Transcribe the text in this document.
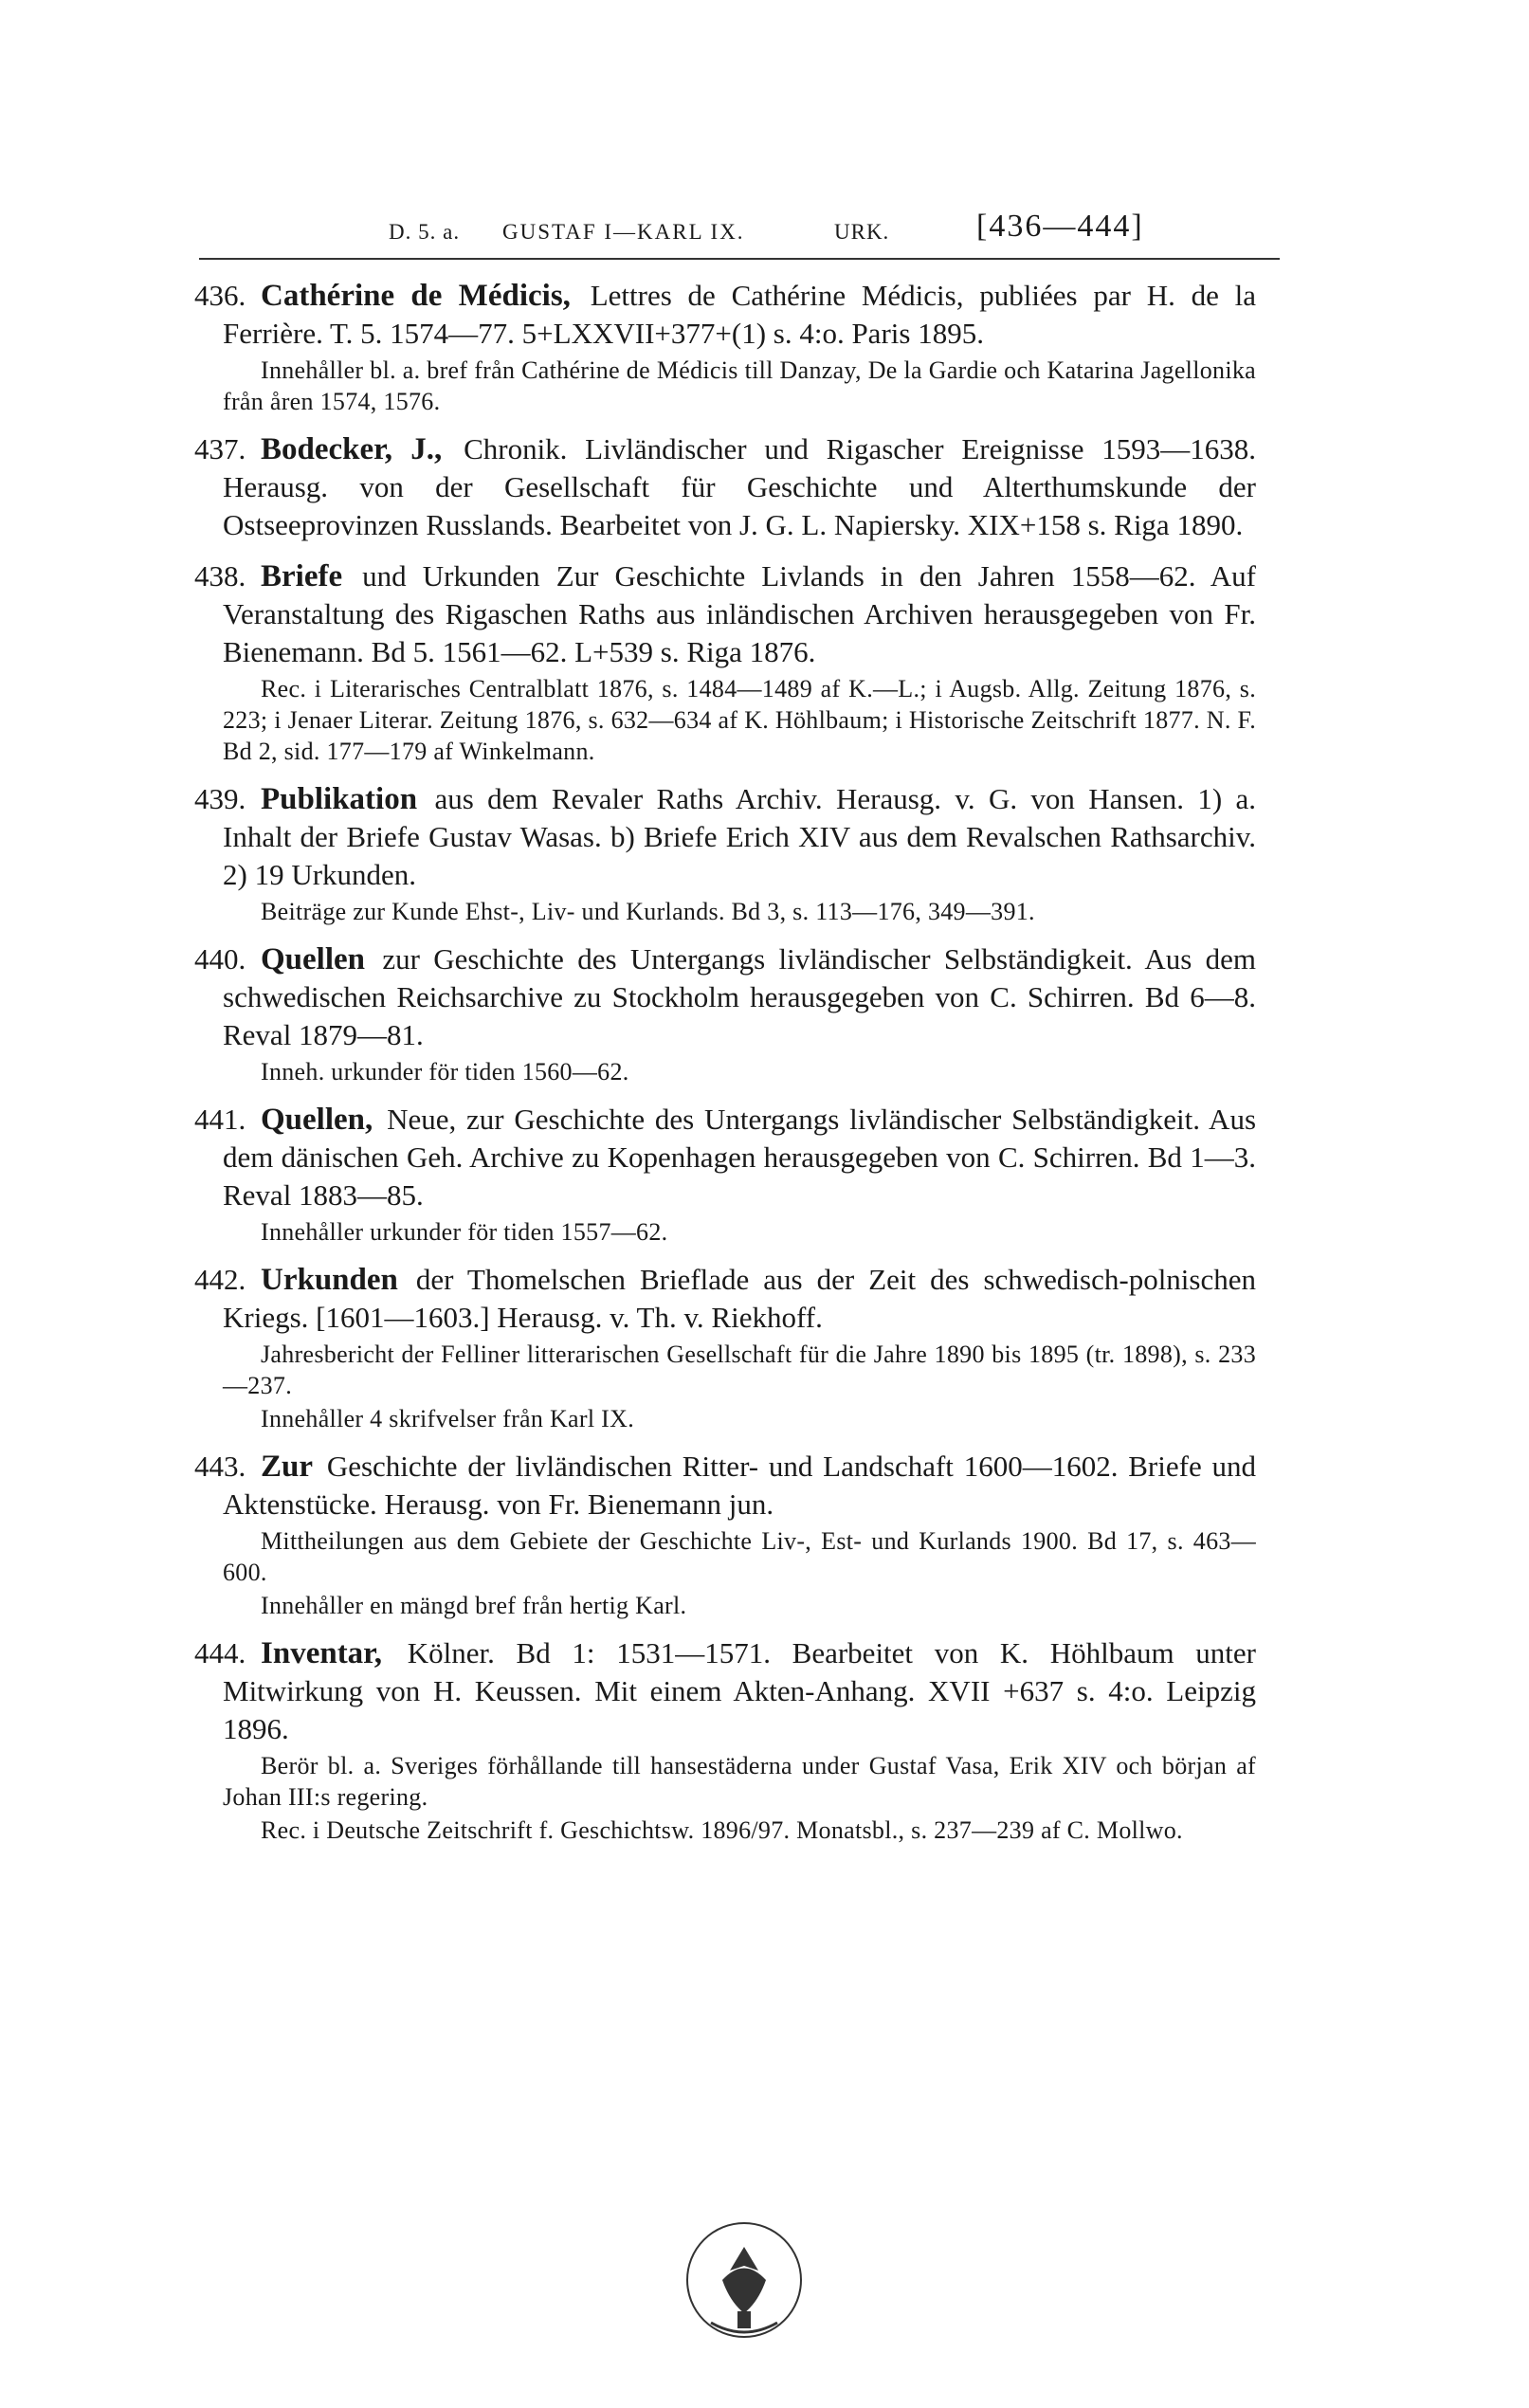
D. 5. a.	GUSTAF I—KARL IX.	URK.	[436—444]

436. Cathérine de Médicis, Lettres de Cathérine Médicis, publiées par H. de la Ferrière. T. 5. 1574—77. 5+LXXVII+377+(1) s. 4:o. Paris 1895.

Innehåller bl. a. bref från Cathérine de Médicis till Danzay, De la Gardie och Katarina Jagellonika från åren 1574, 1576.

437. Bodecker, J., Chronik. Livländischer und Rigascher Ereignisse 1593—1638. Herausg. von der Gesellschaft für Geschichte und Alterthumskunde der Ostseeprovinzen Russlands. Bearbeitet von J. G. L. Napiersky. XIX+158 s. Riga 1890.

438. Briefe und Urkunden Zur Geschichte Livlands in den Jahren 1558—62. Auf Veranstaltung des Rigaschen Raths aus inländischen Archiven herausgegeben von Fr. Bienemann. Bd 5. 1561—62. L+539 s. Riga 1876.

Rec. i Literarisches Centralblatt 1876, s. 1484—1489 af K.—L.; i Augsb. Allg. Zeitung 1876, s. 223; i Jenaer Literar. Zeitung 1876, s. 632—634 af K. Höhlbaum; i Historische Zeitschrift 1877. N. F. Bd 2, sid. 177—179 af Winkelmann.

439. Publikation aus dem Revaler Raths Archiv. Herausg. v. G. von Hansen. 1) a. Inhalt der Briefe Gustav Wasas. b) Briefe Erich XIV aus dem Revalschen Rathsarchiv. 2) 19 Urkunden.

Beiträge zur Kunde Ehst-, Liv- und Kurlands. Bd 3, s. 113—176, 349—391.

440. Quellen zur Geschichte des Untergangs livländischer Selbständigkeit. Aus dem schwedischen Reichsarchive zu Stockholm herausgegeben von C. Schirren. Bd 6—8. Reval 1879—81.

Inneh. urkunder för tiden 1560—62.

441. Quellen, Neue, zur Geschichte des Untergangs livländischer Selbständigkeit. Aus dem dänischen Geh. Archive zu Kopenhagen herausgegeben von C. Schirren. Bd 1—3. Reval 1883—85.

Innehåller urkunder för tiden 1557—62.

442. Urkunden der Thomelschen Brieflade aus der Zeit des schwedisch-polnischen Kriegs. [1601—1603.] Herausg. v. Th. v. Riekhoff.

Jahresbericht der Felliner litterarischen Gesellschaft für die Jahre 1890 bis 1895 (tr. 1898), s. 233—237.

Innehåller 4 skrifvelser från Karl IX.

443. Zur Geschichte der livländischen Ritter- und Landschaft 1600—1602. Briefe und Aktenstücke. Herausg. von Fr. Bienemann jun.

Mittheilungen aus dem Gebiete der Geschichte Liv-, Est- und Kurlands 1900. Bd 17, s. 463—600.

Innehåller en mängd bref från hertig Karl.

444. Inventar, Kölner. Bd 1: 1531—1571. Bearbeitet von K. Höhlbaum unter Mitwirkung von H. Keussen. Mit einem Akten-Anhang. XVII +637 s. 4:o. Leipzig 1896.

Berör bl. a. Sveriges förhållande till hansestäderna under Gustaf Vasa, Erik XIV och början af Johan III:s regering.

Rec. i Deutsche Zeitschrift f. Geschichtsw. 1896/97. Monatsbl., s. 237—239 af C. Mollwo.
